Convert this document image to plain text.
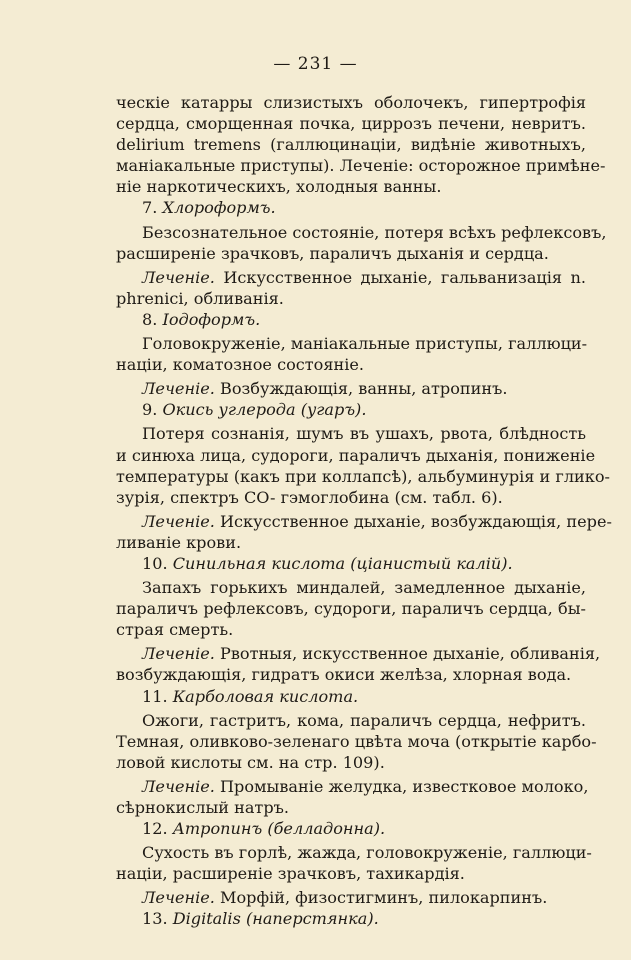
— 231 —
ческіе катарры слизистыхъ оболочекъ, гипертрофія
сердца, сморщенная почка, циррозъ печени, невритъ.
delirium tremens (галлюцинаціи, видѣніе животныхъ,
маніакальные приступы). Леченіе: осторожное примѣне-
ніе наркотическихъ, холодныя ванны.
7. Хлороформъ.
Безсознательное состояніе, потеря всѣхъ рефлексовъ,
расширеніе зрачковъ, параличъ дыханія и сердца.
Леченіе. Искусственное дыханіе, гальванизація n.
phrenici, обливанія.
8. Іодоформъ.
Головокруженіе, маніакальные приступы, галлюци-
націи, коматозное состояніе.
Леченіе. Возбуждающія, ванны, атропинъ.
9. Окись углерода (угаръ).
Потеря сознанія, шумъ въ ушахъ, рвота, блѣдность
и синюха лица, судороги, параличъ дыханія, пониженіе
температуры (какъ при коллапсѣ), альбуминурія и глико-
зурія, спектръ CO- гэмоглобина (см. табл. 6).
Леченіе. Искусственное дыханіе, возбуждающія, пере-
ливаніе крови.
10. Синильная кислота (ціанистый калій).
Запахъ горькихъ миндалей, замедленное дыханіе,
параличъ рефлексовъ, судороги, параличъ сердца, бы-
страя смерть.
Леченіе. Рвотныя, искусственное дыханіе, обливанія,
возбуждающія, гидратъ окиси желѣза, хлорная вода.
11. Карболовая кислота.
Ожоги, гастритъ, кома, параличъ сердца, нефритъ.
Темная, оливково-зеленаго цвѣта моча (открытіе карбо-
ловой кислоты см. на стр. 109).
Леченіе. Промываніе желудка, известковое молоко,
сѣрнокислый натръ.
12. Атропинъ (белладонна).
Сухость въ горлѣ, жажда, головокруженіе, галлюци-
націи, расширеніе зрачковъ, тахикардія.
Леченіе. Морфій, физостигминъ, пилокарпинъ.
13. Digitalis (наперстянка).
